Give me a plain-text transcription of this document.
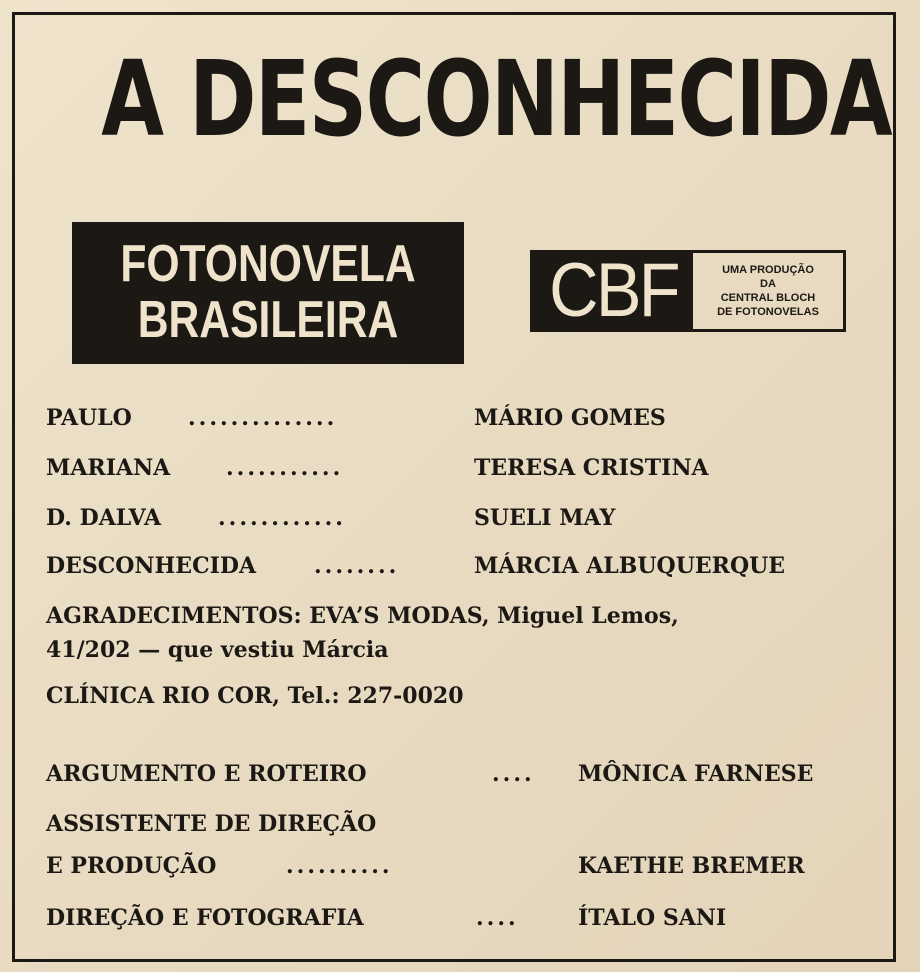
A DESCONHECIDA
FOTONOVELA
BRASILEIRA	CBF	UMA PRODUÇÃO
DA
CENTRAL BLOCH
DE FOTONOVELAS
PAULO	..............	MÁRIO GOMES
MARIANA	...........	TERESA CRISTINA
D. DALVA	............	SUELI MAY
DESCONHECIDA	........	MÁRCIA ALBUQUERQUE
AGRADECIMENTOS: EVA’S MODAS, Miguel Lemos,
41/202 — que vestiu Márcia
CLÍNICA RIO COR, Tel.: 227-0020
ARGUMENTO E ROTEIRO	.... MÔNICA FARNESE
ASSISTENTE DE DIREÇÃO
E PRODUÇÃO	..........	KAETHE BREMER
DIREÇÃO E FOTOGRAFIA	....	ÍTALO SANI
